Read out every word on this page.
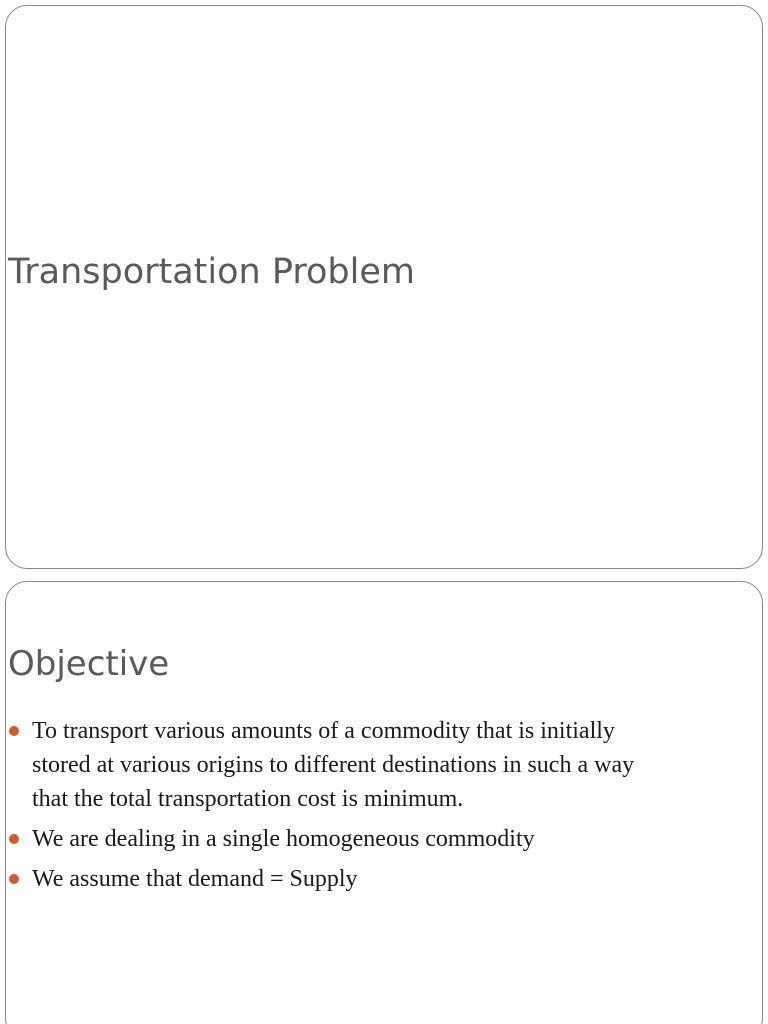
Transportation Problem
Objective
To transport various amounts of a commodity that is initially stored at various origins to different destinations in such a way that the total transportation cost is minimum.
We are dealing in a single homogeneous commodity
We assume that demand = Supply
